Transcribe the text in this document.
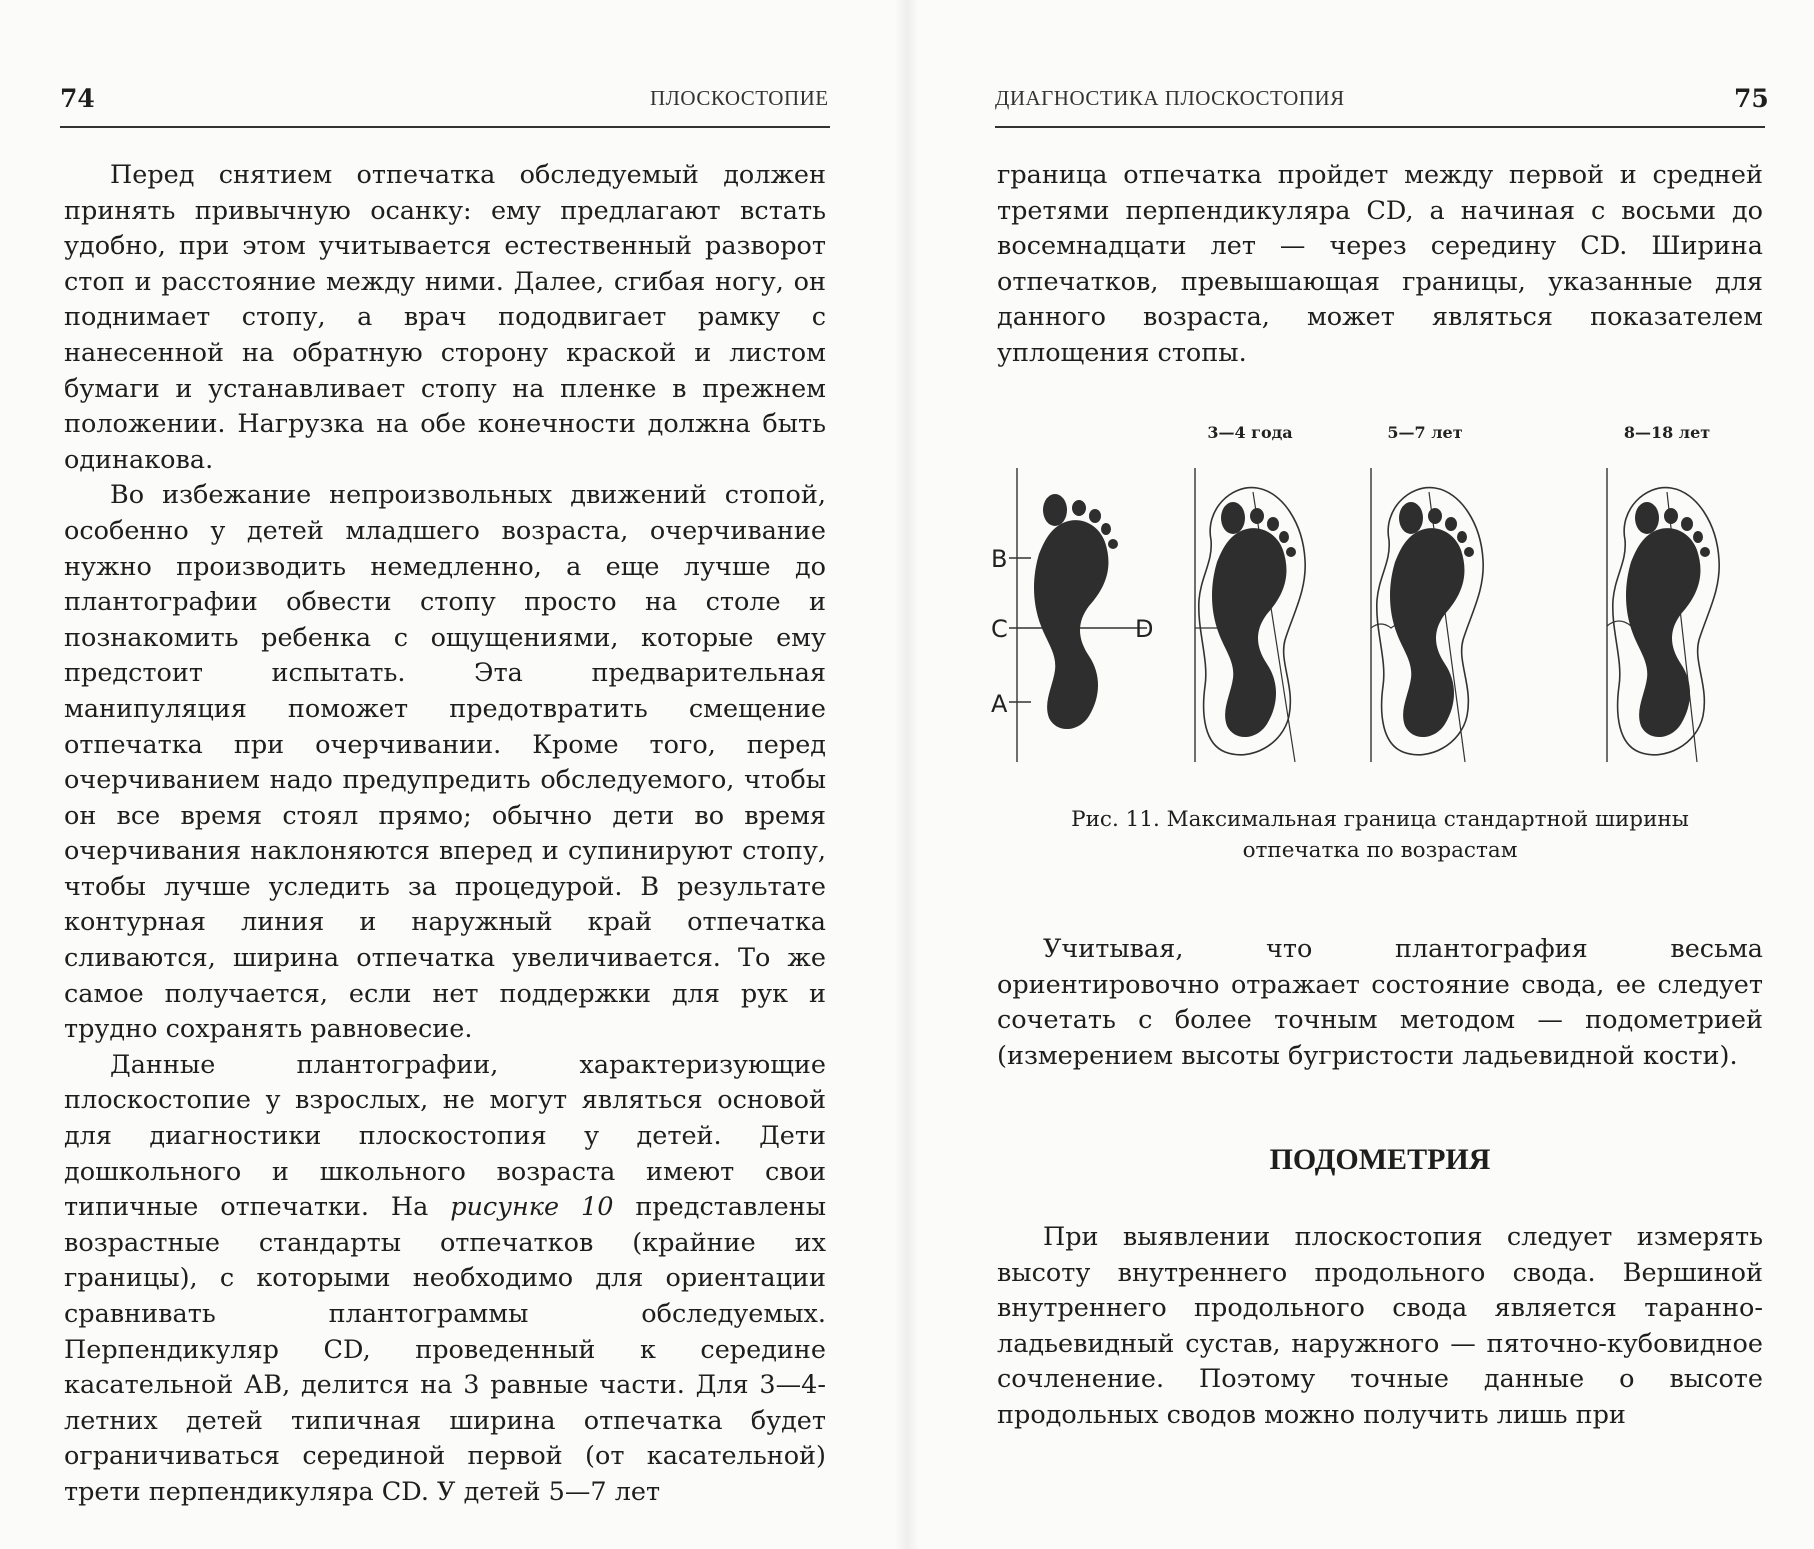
74	ПЛОСКОСТОПИЕ

Перед снятием отпечатка обследуемый должен принять привычную осанку: ему предлагают встать удобно, при этом учитывается естественный разворот стоп и расстояние между ними. Далее, сгибая ногу, он поднимает стопу, а врач пододвигает рамку с нанесенной на обратную сторону краской и листом бумаги и устанавливает стопу на пленке в прежнем положении. Нагрузка на обе конечности должна быть одинакова.

Во избежание непроизвольных движений стопой, особенно у детей младшего возраста, очерчивание нужно производить немедленно, а еще лучше до плантографии обвести стопу просто на столе и познакомить ребенка с ощущениями, которые ему предстоит испытать. Эта предварительная манипуляция поможет предотвратить смещение отпечатка при очерчивании. Кроме того, перед очерчиванием надо предупредить обследуемого, чтобы он все время стоял прямо; обычно дети во время очерчивания наклоняются вперед и супинируют стопу, чтобы лучше уследить за процедурой. В результате контурная линия и наружный край отпечатка сливаются, ширина отпечатка увеличивается. То же самое получается, если нет поддержки для рук и трудно сохранять равновесие.

Данные плантографии, характеризующие плоскостопие у взрослых, не могут являться основой для диагностики плоскостопия у детей. Дети дошкольного и школьного возраста имеют свои типичные отпечатки. На рисунке 10 представлены возрастные стандарты отпечатков (крайние их границы), с которыми необходимо для ориентации сравнивать плантограммы обследуемых. Перпендикуляр CD, проведенный к середине касательной АВ, делится на 3 равные части. Для 3—4-летних детей типичная ширина отпечатка будет ограничиваться серединой первой (от касательной) трети перпендикуляра CD. У детей 5—7 лет

ДИАГНОСТИКА ПЛОСКОСТОПИЯ	75

граница отпечатка пройдет между первой и средней третями перпендикуляра CD, а начиная с восьми до восемнадцати лет — через середину CD. Ширина отпечатков, превышающая границы, указанные для данного возраста, может являться показателем уплощения стопы.

3—4 года	5—7 лет	8—18 лет
B
C	D
A
Рис. 11. Максимальная граница стандартной ширины
отпечатка по возрастам

Учитывая, что плантография весьма ориентировочно отражает состояние свода, ее следует сочетать с более точным методом — подометрией (измерением высоты бугристости ладьевидной кости).

ПОДОМЕТРИЯ

При выявлении плоскостопия следует измерять высоту внутреннего продольного свода. Вершиной внутреннего продольного свода является таранно-ладьевидный сустав, наружного — пяточно-кубовидное сочленение. Поэтому точные данные о высоте продольных сводов можно получить лишь при
